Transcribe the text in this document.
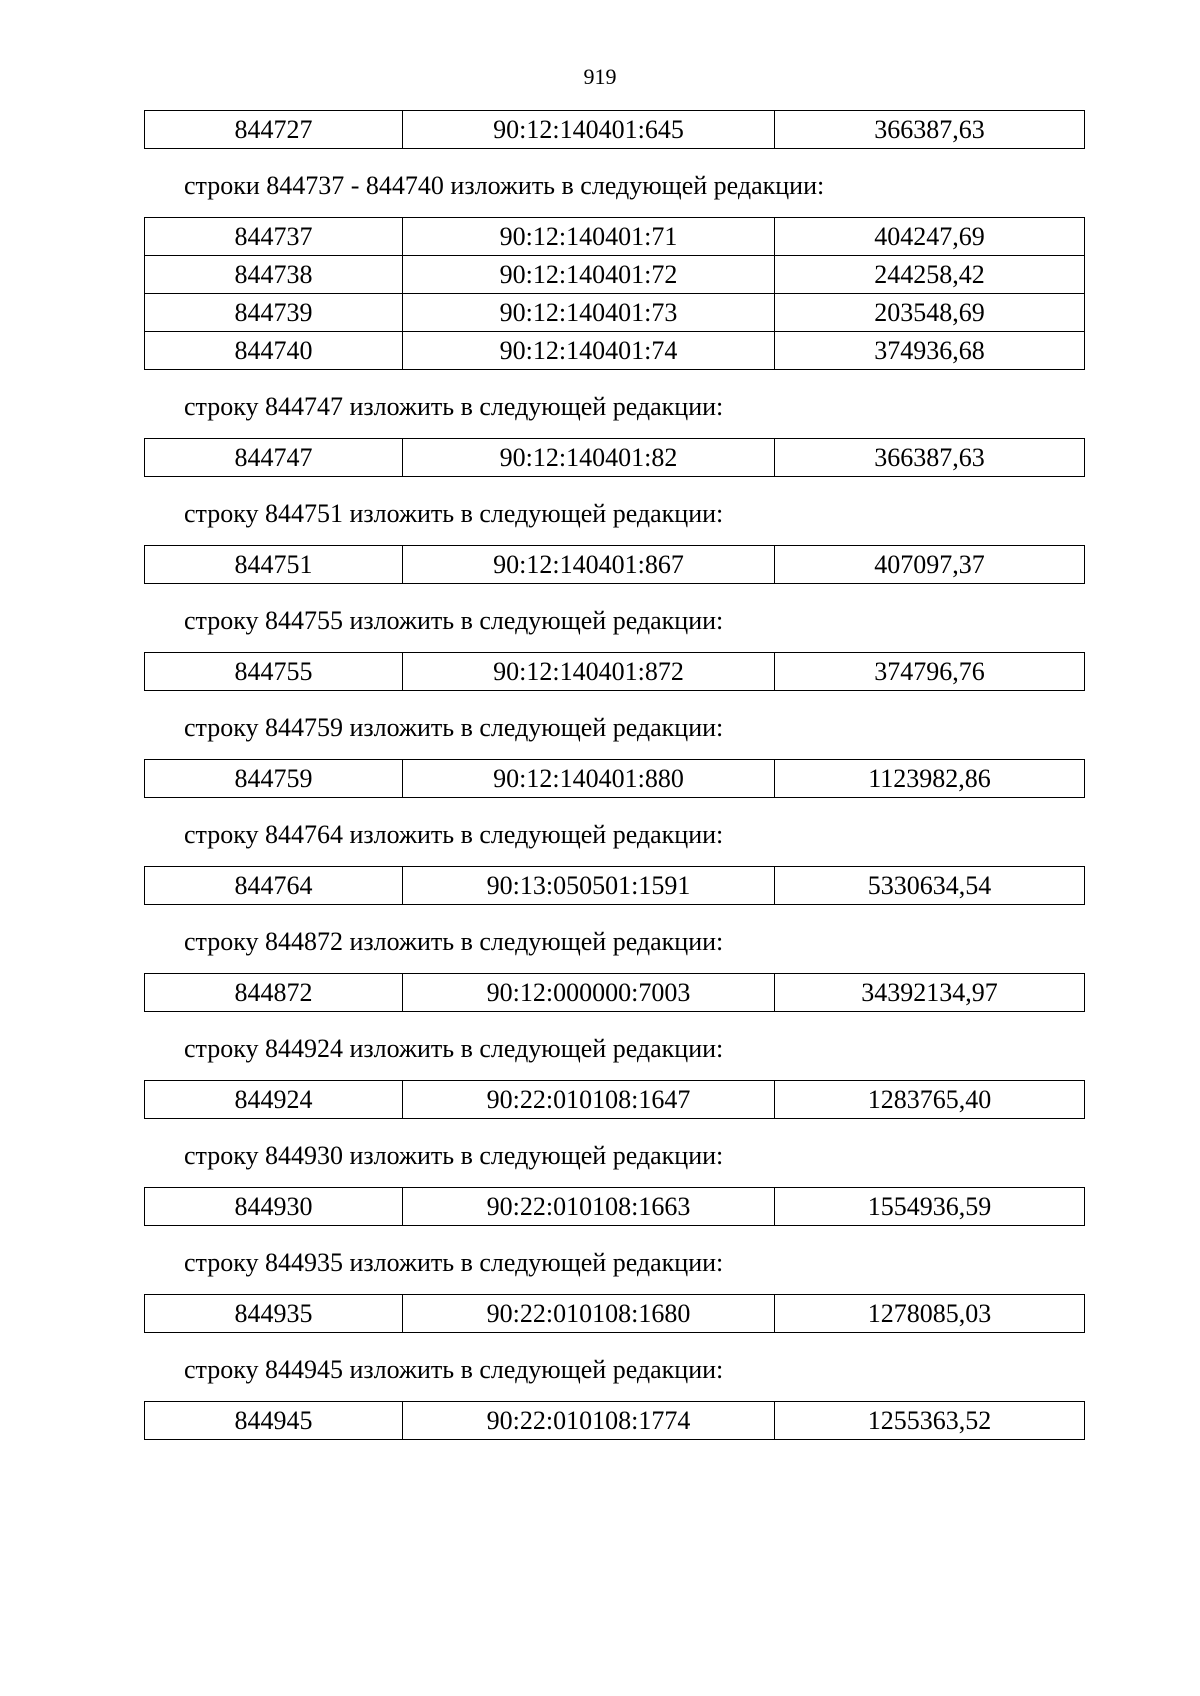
919
844727	90:12:140401:645	366387,63

строки 844737 - 844740 изложить в следующей редакции:

844737	90:12:140401:71	404247,69
844738	90:12:140401:72	244258,42
844739	90:12:140401:73	203548,69
844740	90:12:140401:74	374936,68

строку 844747 изложить в следующей редакции:

844747	90:12:140401:82	366387,63

строку 844751 изложить в следующей редакции:

844751	90:12:140401:867	407097,37

строку 844755 изложить в следующей редакции:

844755	90:12:140401:872	374796,76

строку 844759 изложить в следующей редакции:

844759	90:12:140401:880	1123982,86

строку 844764 изложить в следующей редакции:

844764	90:13:050501:1591	5330634,54

строку 844872 изложить в следующей редакции:

844872	90:12:000000:7003	34392134,97

строку 844924 изложить в следующей редакции:

844924	90:22:010108:1647	1283765,40

строку 844930 изложить в следующей редакции:

844930	90:22:010108:1663	1554936,59

строку 844935 изложить в следующей редакции:

844935	90:22:010108:1680	1278085,03

строку 844945 изложить в следующей редакции:

844945	90:22:010108:1774	1255363,52
